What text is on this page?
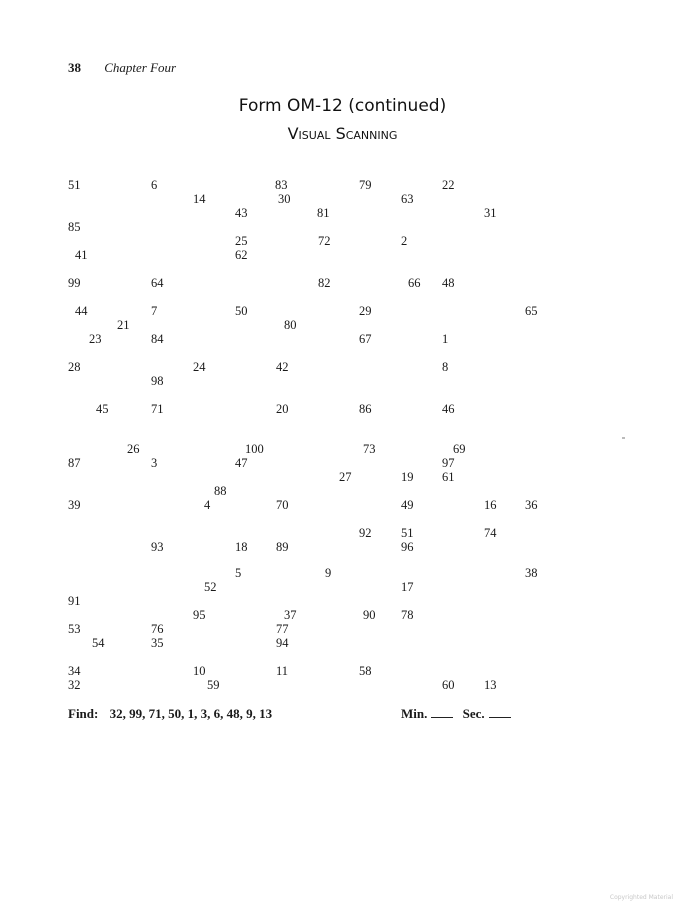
38 Chapter Four
Form OM-12 (continued)
Visual Scanning
51	6	83	79	22
14	30	63
43	81	31
85
25	72	2
41	62
99	64	82	66 48
44	7	50	29	65
21	80
23	84	67	1
28	24	42	8
98
45	71	20	86	46
26	100	73	69
87	3	47	97
27	19 61
88
39	4	70	49	16 36
92 51	74
93	18 89	96
5	9	38
52	17
91
95	37	90 78
53	76	77
54	35	94
34	10	11	58
32	59	60 13
Find: 32, 99, 71, 50, 1, 3, 6, 48, 9, 13	Min.	Sec.
Copyrighted Material
